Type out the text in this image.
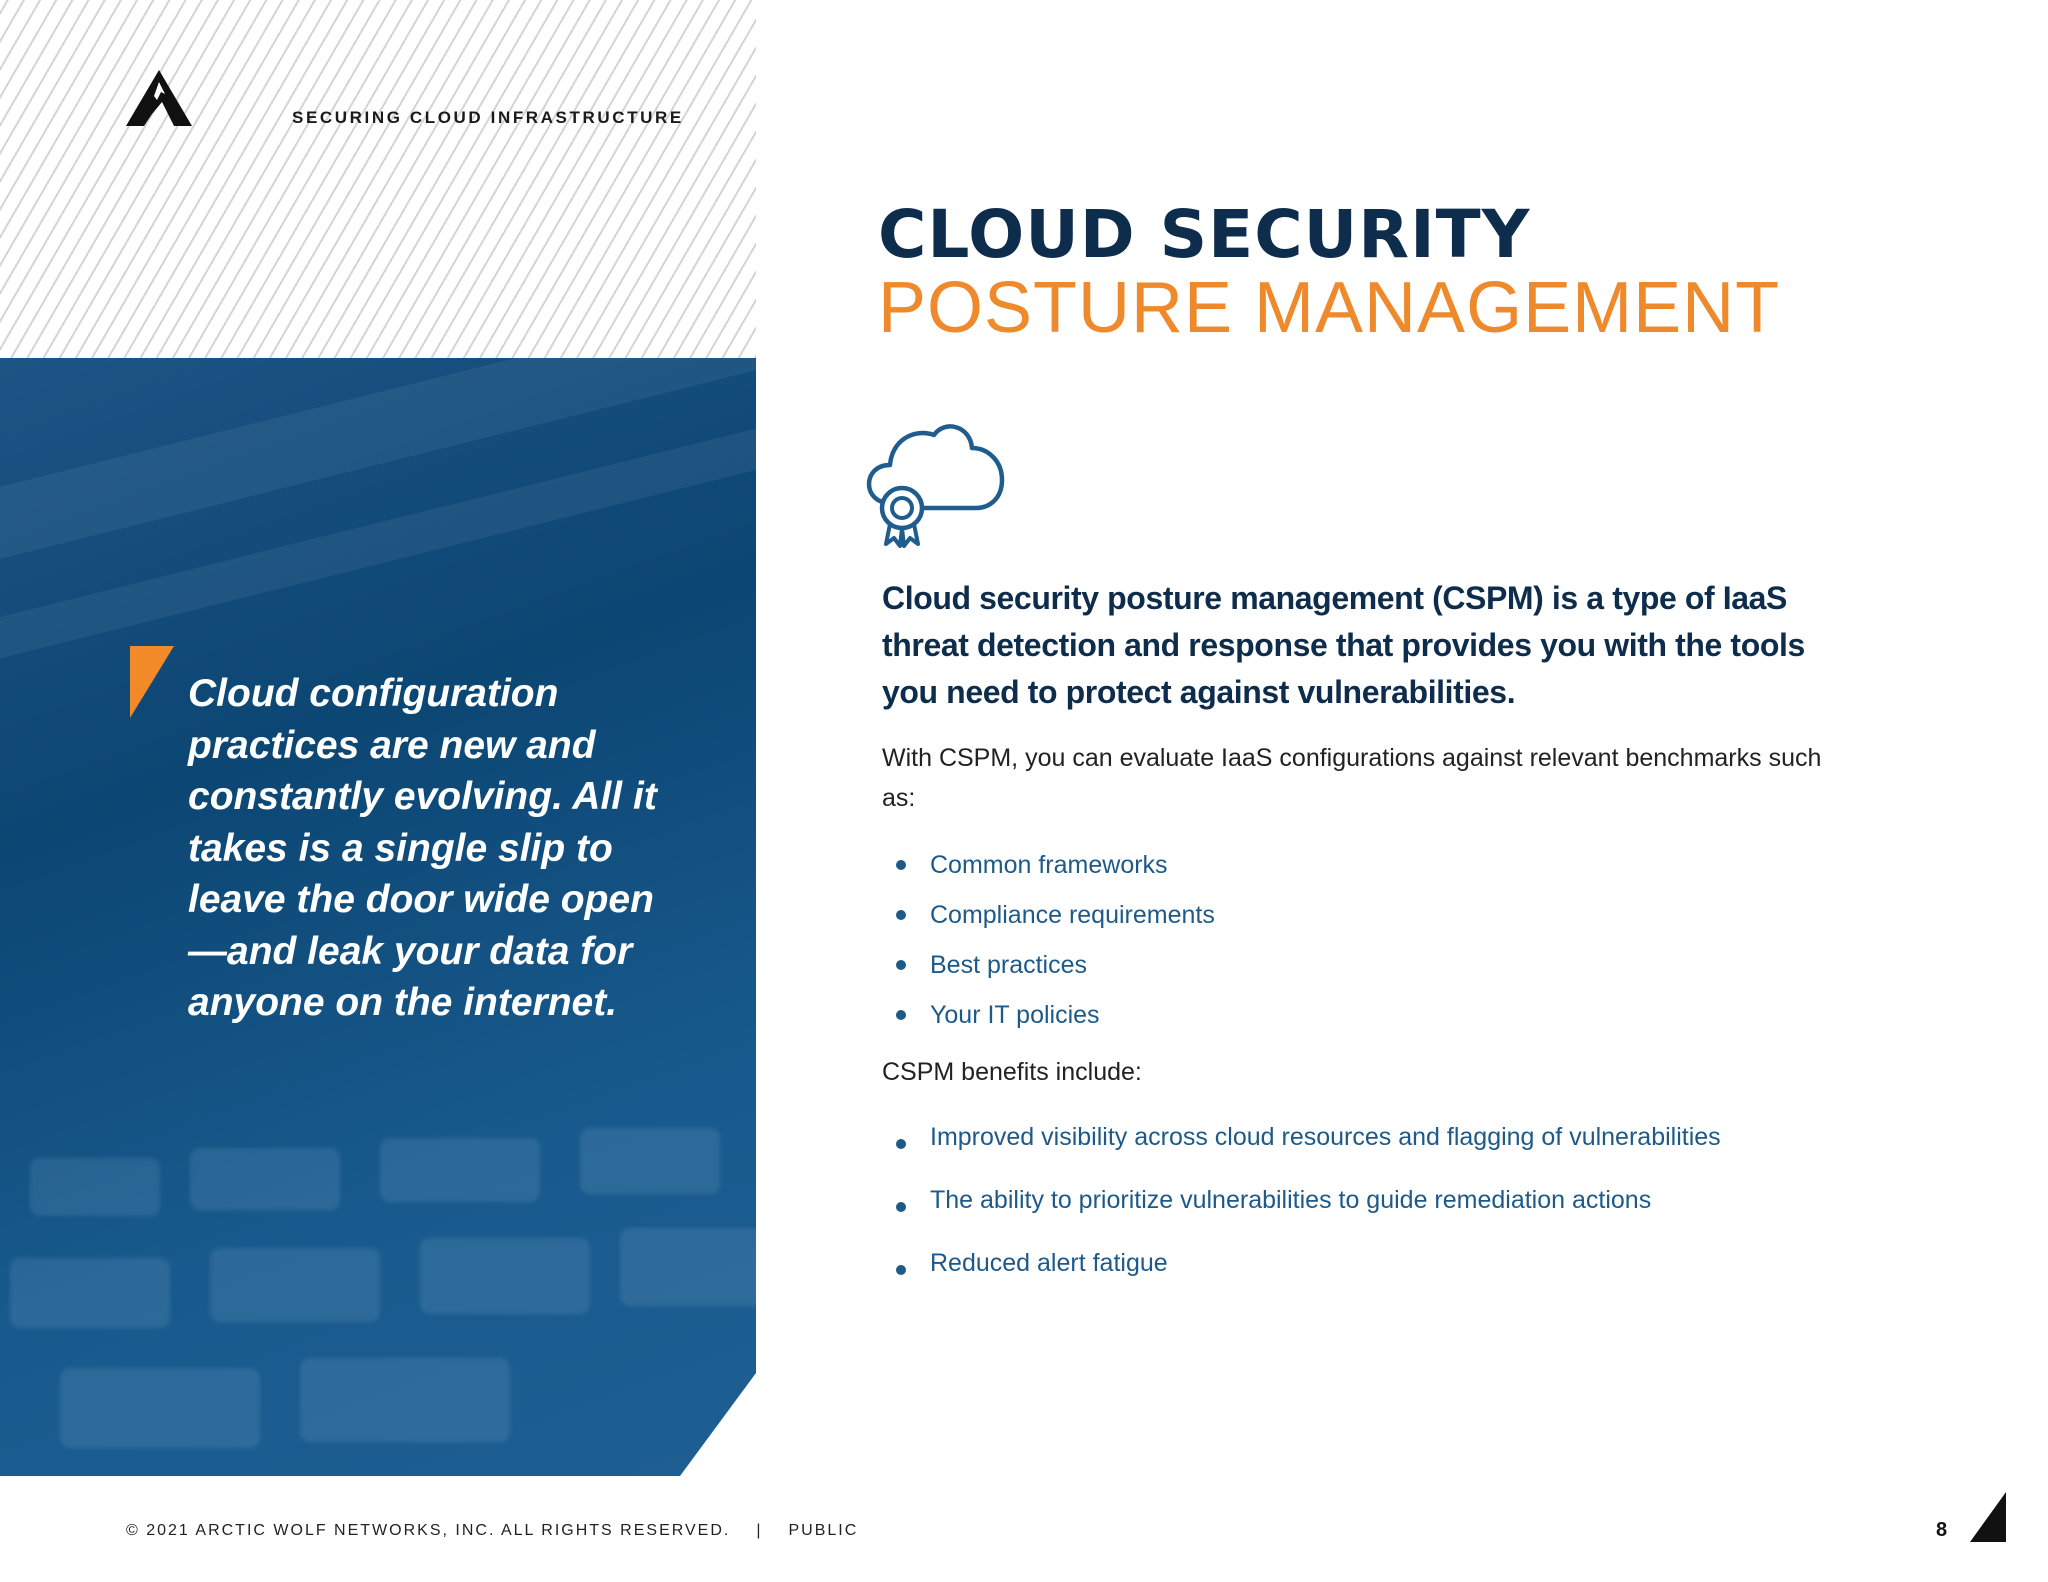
SECURING CLOUD INFRASTRUCTURE

Cloud configuration practices are new and constantly evolving. All it takes is a single slip to leave the door wide open—and leak your data for anyone on the internet.

CLOUD SECURITY
POSTURE MANAGEMENT

Cloud security posture management (CSPM) is a type of IaaS threat detection and response that provides you with the tools you need to protect against vulnerabilities.

With CSPM, you can evaluate IaaS configurations against relevant benchmarks such as:

Common frameworks
Compliance requirements
Best practices
Your IT policies

CSPM benefits include:

Improved visibility across cloud resources and flagging of vulnerabilities
The ability to prioritize vulnerabilities to guide remediation actions
Reduced alert fatigue
© 2021 ARCTIC WOLF NETWORKS, INC. ALL RIGHTS RESERVED. | PUBLIC	8
